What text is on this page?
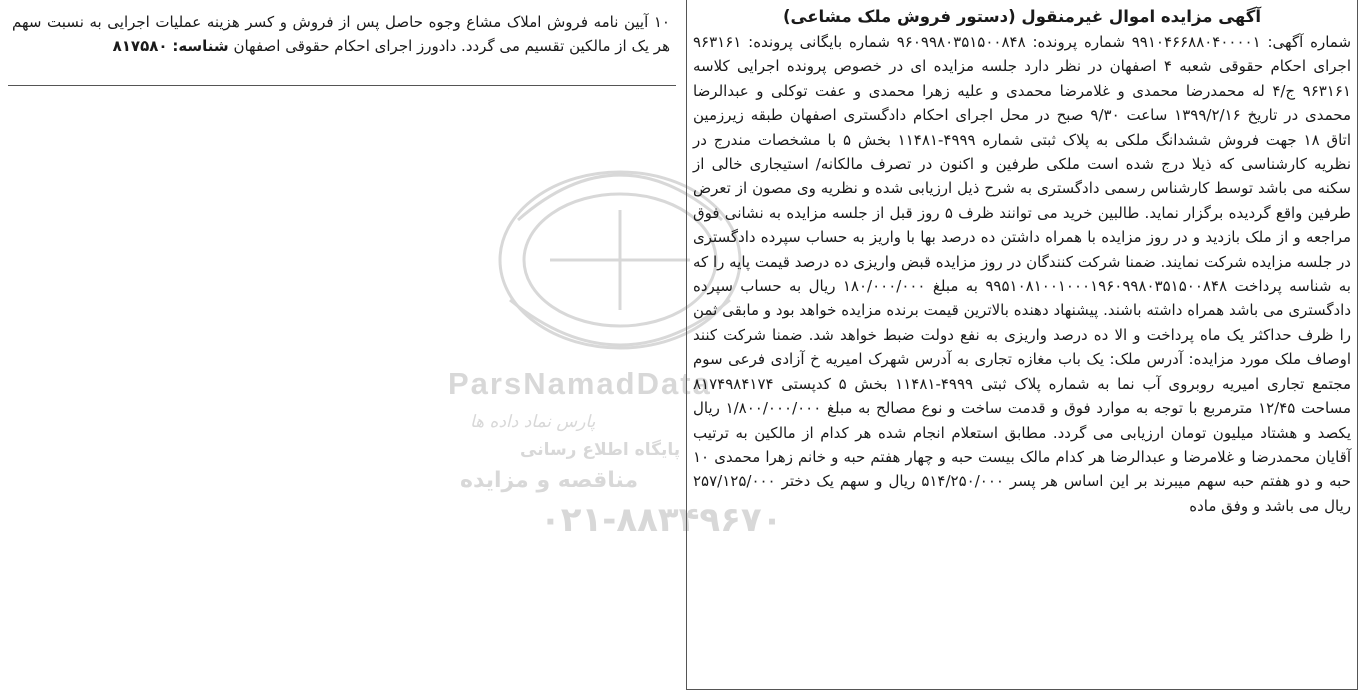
ParsNamadData
پارس نماد داده ها
پایگاه اطلاع رسانی
مناقصه و مزایده
۰۲۱-۸۸۳۴۹۶۷۰
آگهی مزایده اموال غیرمنقول (دستور فروش ملک مشاعی)

شماره آگهی: ۹۹۱۰۴۶۶۸۸۰۴۰۰۰۰۱ شماره پرونده: ۹۶۰۹۹۸۰۳۵۱۵۰۰۸۴۸ شماره بایگانی پرونده: ۹۶۳۱۶۱ اجرای احکام حقوقی شعبه ۴ اصفهان در نظر دارد جلسه مزایده ای در خصوص پرونده اجرایی کلاسه ۹۶۳۱۶۱ ج/۴ له محمدرضا محمدی و غلامرضا محمدی و علیه زهرا محمدی و عفت توکلی و عبدالرضا محمدی در تاریخ ۱۳۹۹/۲/۱۶ ساعت ۹/۳۰ صبح در محل اجرای احکام دادگستری اصفهان طبقه زیرزمین اتاق ۱۸ جهت فروش ششدانگ ملکی به پلاک ثبتی شماره ۴۹۹۹-۱۱۴۸۱ بخش ۵ با مشخصات مندرج در نظریه کارشناسی که ذیلا درج شده است ملکی طرفین و اکنون در تصرف مالکانه/ استیجاری خالی از سکنه می باشد توسط کارشناس رسمی دادگستری به شرح ذیل ارزیابی شده و نظریه وی مصون از تعرض طرفین واقع گردیده برگزار نماید. طالبین خرید می توانند ظرف ۵ روز قبل از جلسه مزایده به نشانی فوق مراجعه و از ملک بازدید و در روز مزایده با همراه داشتن ده درصد بها با واریز به حساب سپرده دادگستری در جلسه مزایده شرکت نمایند. ضمنا شرکت کنندگان در روز مزایده قبض واریزی ده درصد قیمت پایه را که به شناسه پرداخت ۹۹۵۱۰۸۱۰۰۱۰۰۰۱۹۶۰۹۹۸۰۳۵۱۵۰۰۸۴۸ به مبلغ ۱۸۰/۰۰۰/۰۰۰ ریال به حساب سپرده دادگستری می باشد همراه داشته باشند. پیشنهاد دهنده بالاترین قیمت برنده مزایده خواهد بود و مابقی ثمن را ظرف حداکثر یک ماه پرداخت و الا ده درصد واریزی به نفع دولت ضبط خواهد شد. ضمنا شرکت کنند اوصاف ملک مورد مزایده: آدرس ملک: یک باب مغازه تجاری به آدرس شهرک امیریه خ آزادی فرعی سوم مجتمع تجاری امیریه روبروی آب نما به شماره پلاک ثبتی ۴۹۹۹-۱۱۴۸۱ بخش ۵ کدپستی ۸۱۷۴۹۸۴۱۷۴ مساحت ۱۲/۴۵ مترمربع با توجه به موارد فوق و قدمت ساخت و نوع مصالح به مبلغ ۱/۸۰۰/۰۰۰/۰۰۰ ریال یکصد و هشتاد میلیون تومان ارزیابی می گردد. مطابق استعلام انجام شده هر کدام از مالکین به ترتیب آقایان محمدرضا و غلامرضا و عبدالرضا هر کدام مالک بیست حبه و چهار هفتم حبه و خانم زهرا محمدی ۱۰ حبه و دو هفتم حبه سهم میبرند بر این اساس هر پسر ۵۱۴/۲۵۰/۰۰۰ ریال و سهم یک دختر ۲۵۷/۱۲۵/۰۰۰ ریال می باشد و وفق ماده

۱۰ آیین نامه فروش املاک مشاع وجوه حاصل پس از فروش و کسر هزینه عملیات اجرایی به نسبت سهم هر یک از مالکین تقسیم می گردد. دادورز اجرای احکام حقوقی اصفهان شناسه: ۸۱۷۵۸۰
